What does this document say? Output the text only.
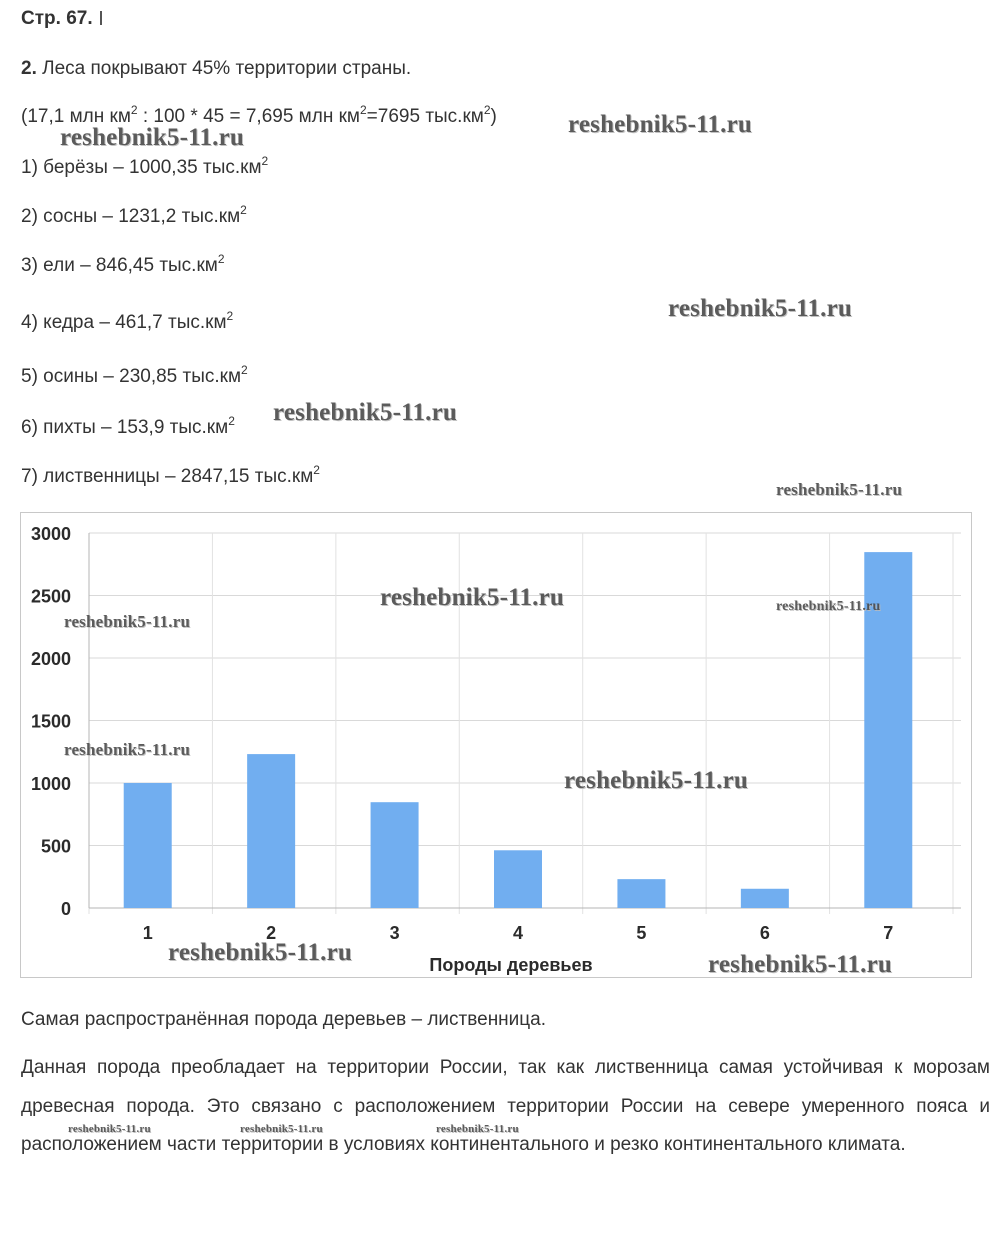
Стр. 67.
2. Леса покрывают 45% территории страны.
(17,1 млн $км^2$ : 100 * 45 = 7,695 млн $км^2=7695$ $тыс.км^2$)
1) берёзы – 1000,35 $тыс.км^2$
2) сосны – 1231,2 $тыс.км^2$
3) ели – 846,45 $тыс.км^2$
4) кедра – 461,7 $тыс.км^2$
5) осины – 230,85 $тыс.км^2$
6) пихты – 153,9 $тыс.км^2$
7) лиственницы – 2847,15 $тыс.км^2$
0
500
1000
1500
2000
2500
3000
1	2	3	4	5	6	7
Породы деревьев
Самая распространённая порода деревьев – лиственница.
Данная порода преобладает на территории России, так как лиственница самая устойчивая к морозам древесная порода. Это связано с расположением территории России на севере умеренного пояса и расположением части территории в условиях континентального и резко континентального климата.
reshebnik5-11.ru	reshebnik5-11.ru
reshebnik5-11.ru
reshebnik5-11.ru
reshebnik5-11.ru
reshebnik5-11.ru
reshebnik5-11.ru
reshebnik5-11.ru
reshebnik5-11.ru
reshebnik5-11.ru
reshebnik5-11.ru	reshebnik5-11.ru
reshebnik5-11.ru	reshebnik5-11.ru	reshebnik5-11.ru
